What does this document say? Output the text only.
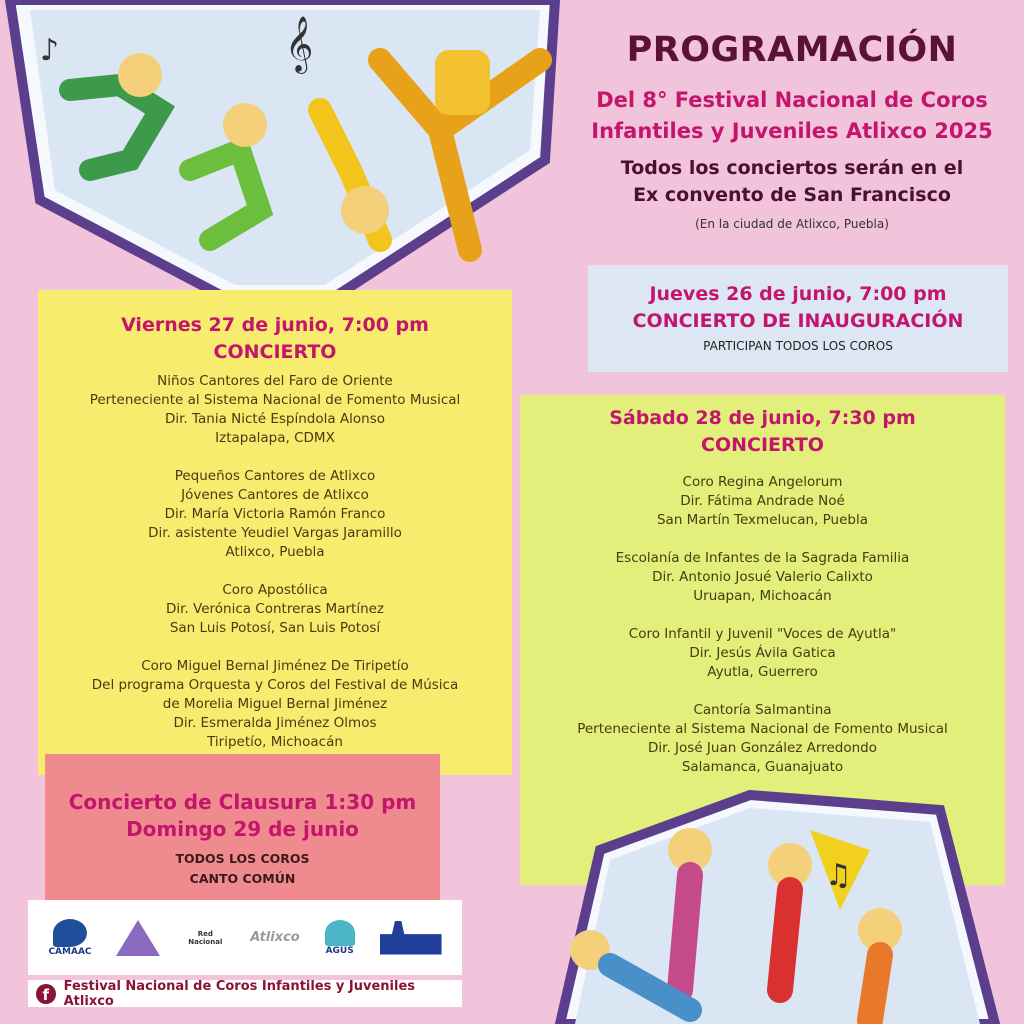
𝄞
♪	PROGRAMACIÓN
Del 8° Festival Nacional de Coros
Infantiles y Juveniles Atlixco 2025
Todos los conciertos serán en el
Ex convento de San Francisco
(En la ciudad de Atlixco, Puebla)
Jueves 26 de junio, 7:00 pm
CONCIERTO DE INAUGURACIÓN
PARTICIPAN TODOS LOS COROS
Viernes 27 de junio, 7:00 pm
CONCIERTO
Niños Cantores del Faro de Oriente
Perteneciente al Sistema Nacional de Fomento Musical
Dir. Tania Nicté Espíndola Alonso
Iztapalapa, CDMX
Pequeños Cantores de Atlixco
Jóvenes Cantores de Atlixco
Dir. María Victoria Ramón Franco
Dir. asistente Yeudiel Vargas Jaramillo
Atlixco, Puebla
Coro Apostólica
Dir. Verónica Contreras Martínez
San Luis Potosí, San Luis Potosí
Coro Miguel Bernal Jiménez De Tiripetío
Del programa Orquesta y Coros del Festival de Música
de Morelia Miguel Bernal Jiménez
Dir. Esmeralda Jiménez Olmos
Tiripetío, Michoacán
Sábado 28 de junio, 7:30 pm
CONCIERTO
Coro Regina Angelorum
Dir. Fátima Andrade Noé
San Martín Texmelucan, Puebla
Escolanía de Infantes de la Sagrada Familia
Dir. Antonio Josué Valerio Calixto
Uruapan, Michoacán
Coro Infantil y Juvenil "Voces de Ayutla"
Dir. Jesús Ávila Gatica
Ayutla, Guerrero
Cantoría Salmantina
Perteneciente al Sistema Nacional de Fomento Musical
Dir. José Juan González Arredondo
Salamanca, Guanajuato
Concierto de Clausura 1:30 pm
Domingo 29 de junio
TODOS LOS COROS
CANTO COMÚN	♫
CAMAAC
Red Nacional Atlixco
AGUS
f	Festival Nacional de Coros Infantiles y Juveniles Atlixco
